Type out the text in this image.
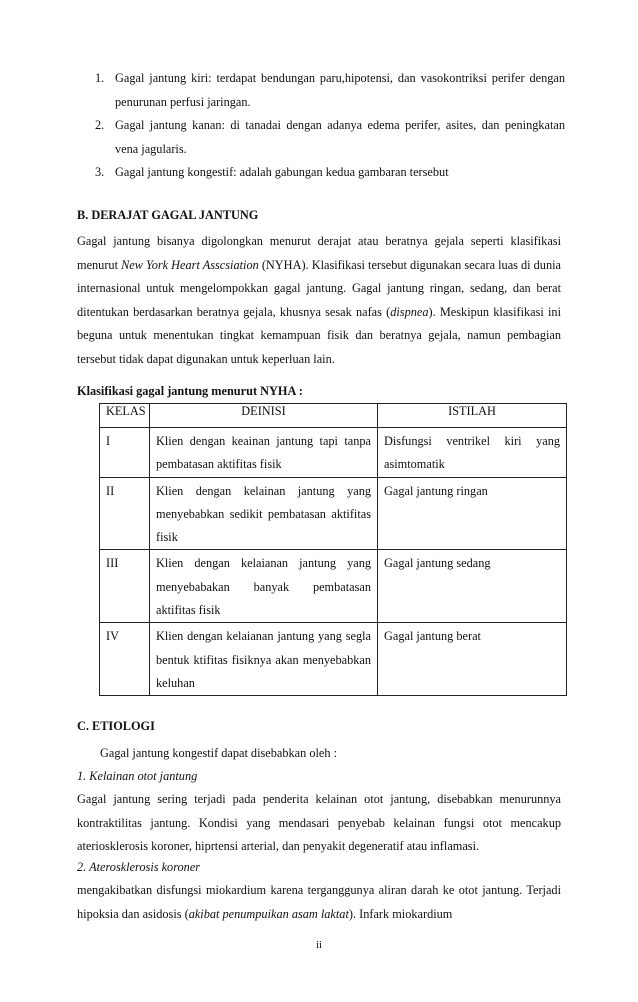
1. Gagal jantung kiri: terdapat bendungan paru,hipotensi, dan vasokontriksi perifer dengan penurunan perfusi jaringan.
2. Gagal jantung kanan: di tanadai dengan adanya edema perifer, asites, dan peningkatan vena jagularis.
3. Gagal jantung kongestif: adalah gabungan kedua gambaran tersebut
B. DERAJAT GAGAL JANTUNG

Gagal jantung bisanya digolongkan menurut derajat atau beratnya gejala seperti klasifikasi menurut New York Heart Asscsiation (NYHA). Klasifikasi tersebut digunakan secara luas di dunia internasional untuk mengelompokkan gagal jantung. Gagal jantung ringan, sedang, dan berat ditentukan berdasarkan beratnya gejala, khusnya sesak nafas (dispnea). Meskipun klasifikasi ini beguna untuk menentukan tingkat kemampuan fisik dan beratnya gejala, namun pembagian tersebut tidak dapat digunakan untuk keperluan lain.

Klasifikasi gagal jantung menurut NYHA :
KELAS	DEINISI	ISTILAH
I	Klien dengan keainan jantung tapi tanpa pembatasan aktifitas fisik	Disfungsi ventrikel kiri yang asimtomatik
II	Klien dengan kelainan jantung yang menyebabkan sedikit pembatasan aktifitas fisik	Gagal jantung ringan
III	Klien dengan kelaianan jantung yang menyebabakan banyak pembatasan aktifitas fisik	Gagal jantung sedang
IV	Klien dengan kelaianan jantung yang segla bentuk ktifitas fisiknya akan menyebabkan keluhan	Gagal jantung berat
C. ETIOLOGI
Gagal jantung kongestif dapat disebabkan oleh :
1. Kelainan otot jantung

Gagal jantung sering terjadi pada penderita kelainan otot jantung, disebabkan menurunnya kontraktilitas jantung. Kondisi yang mendasari penyebab kelainan fungsi otot mencakup ateriosklerosis koroner, hiprtensi arterial, dan penyakit degeneratif atau inflamasi.

2. Aterosklerosis koroner

mengakibatkan disfungsi miokardium karena terganggunya aliran darah ke otot jantung. Terjadi hipoksia dan asidosis (akibat penumpuikan asam laktat). Infark miokardium

ii
